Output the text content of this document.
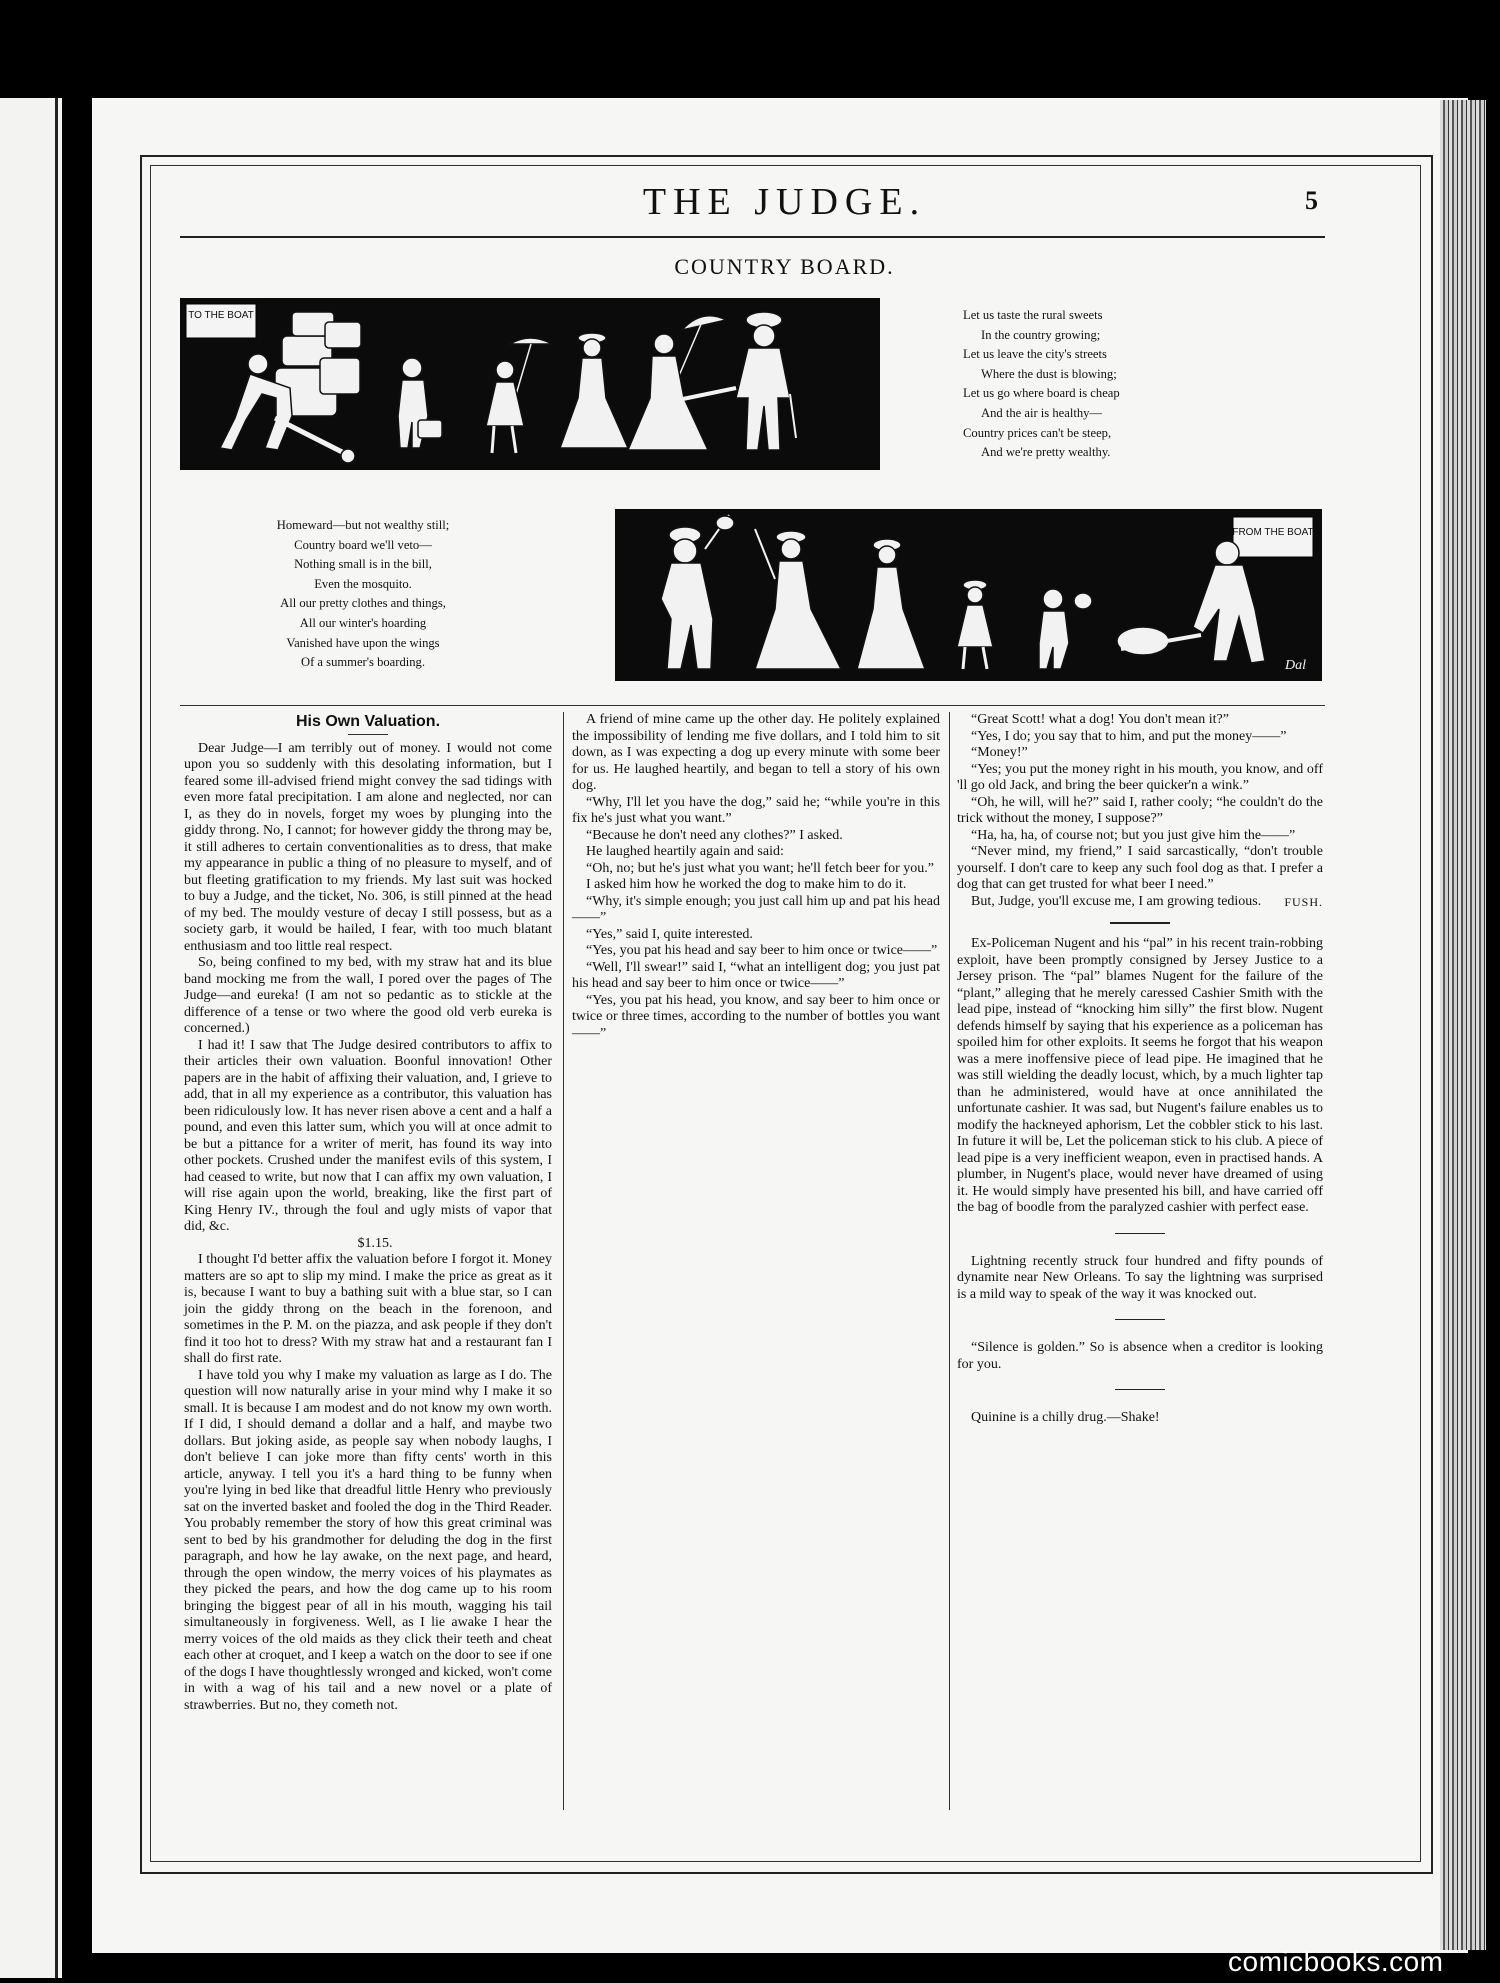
THE JUDGE.	5
COUNTRY BOARD.
TO THE BOAT	Let us taste the rural sweets
In the country growing;
Let us leave the city's streets
Where the dust is blowing;
Let us go where board is cheap
And the air is healthy—
Country prices can't be steep,
And we're pretty wealthy.
Homeward—but not wealthy still;
Country board we'll veto—
Nothing small is in the bill,
Even the mosquito.
All our pretty clothes and things,
All our winter's hoarding
Vanished have upon the wings
Of a summer's boarding.
FROM THE BOAT
Dal
His Own Valuation.

Dear Judge—I am terribly out of money. I would not come upon you so suddenly with this desolating information, but I feared some ill-advised friend might convey the sad tidings with even more fatal precipitation. I am alone and neglected, nor can I, as they do in novels, forget my woes by plunging into the giddy throng. No, I cannot; for however giddy the throng may be, it still adheres to certain conventionalities as to dress, that make my appearance in public a thing of no pleasure to myself, and of but fleeting gratification to my friends. My last suit was hocked to buy a Judge, and the ticket, No. 306, is still pinned at the head of my bed. The mouldy vesture of decay I still possess, but as a society garb, it would be hailed, I fear, with too much blatant enthusiasm and too little real respect.

So, being confined to my bed, with my straw hat and its blue band mocking me from the wall, I pored over the pages of The Judge—and eureka! (I am not so pedantic as to stickle at the difference of a tense or two where the good old verb eureka is concerned.)

I had it! I saw that The Judge desired contributors to affix to their articles their own valuation. Boonful innovation! Other papers are in the habit of affixing their valuation, and, I grieve to add, that in all my experience as a contributor, this valuation has been ridiculously low. It has never risen above a cent and a half a pound, and even this latter sum, which you will at once admit to be but a pittance for a writer of merit, has found its way into other pockets. Crushed under the manifest evils of this system, I had ceased to write, but now that I can affix my own valuation, I will rise again upon the world, breaking, like the first part of King Henry IV., through the foul and ugly mists of vapor that did, &c.

$1.15.

I thought I'd better affix the valuation before I forgot it. Money matters are so apt to slip my mind. I make the price as great as it is, because I want to buy a bathing suit with a blue star, so I can join the giddy throng on the beach in the forenoon, and sometimes in the P. M. on the piazza, and ask people if they don't find it too hot to dress? With my straw hat and a restaurant fan I shall do first rate.

I have told you why I make my valuation as large as I do. The question will now naturally arise in your mind why I make it so small. It is because I am modest and do not know my own worth. If I did, I should demand a dollar and a half, and maybe two dollars. But joking aside, as people say when nobody laughs, I don't believe I can joke more than fifty cents' worth in this article, anyway. I tell you it's a hard thing to be funny when you're lying in bed like that dreadful little Henry who previously sat on the inverted basket and fooled the dog in the Third Reader. You probably remember the story of how this great criminal was sent to bed by his grandmother for deluding the dog in the first paragraph, and how he lay awake, on the next page, and heard, through the open window, the merry voices of his playmates as they picked the pears, and how the dog came up to his room bringing the biggest pear of all in his mouth, wagging his tail simultaneously in forgiveness. Well, as I lie awake I hear the merry voices of the old maids as they click their teeth and cheat each other at croquet, and I keep a watch on the door to see if one of the dogs I have thoughtlessly wronged and kicked, won't come in with a wag of his tail and a new novel or a plate of strawberries. But no, they cometh not.

A friend of mine came up the other day. He politely explained the impossibility of lending me five dollars, and I told him to sit down, as I was expecting a dog up every minute with some beer for us. He laughed heartily, and began to tell a story of his own dog.

“Why, I'll let you have the dog,” said he; “while you're in this fix he's just what you want.”

“Because he don't need any clothes?” I asked.

He laughed heartily again and said:

“Oh, no; but he's just what you want; he'll fetch beer for you.”

I asked him how he worked the dog to make him to do it.

“Why, it's simple enough; you just call him up and pat his head——”

“Yes,” said I, quite interested.

“Yes, you pat his head and say beer to him once or twice——”

“Well, I'll swear!” said I, “what an intelligent dog; you just pat his head and say beer to him once or twice——”

“Yes, you pat his head, you know, and say beer to him once or twice or three times, according to the number of bottles you want——”

“Great Scott! what a dog! You don't mean it?”

“Yes, I do; you say that to him, and put the money——”

“Money!”

“Yes; you put the money right in his mouth, you know, and off 'll go old Jack, and bring the beer quicker'n a wink.”

“Oh, he will, will he?” said I, rather cooly; “he couldn't do the trick without the money, I suppose?”

“Ha, ha, ha, of course not; but you just give him the——”

“Never mind, my friend,” I said sarcastically, “don't trouble yourself. I don't care to keep any such fool dog as that. I prefer a dog that can get trusted for what beer I need.”

But, Judge, you'll excuse me, I am growing tedious.	FUSH.

Ex-Policeman Nugent and his “pal” in his recent train-robbing exploit, have been promptly consigned by Jersey Justice to a Jersey prison. The “pal” blames Nugent for the failure of the “plant,” alleging that he merely caressed Cashier Smith with the lead pipe, instead of “knocking him silly” the first blow. Nugent defends himself by saying that his experience as a policeman has spoiled him for other exploits. It seems he forgot that his weapon was a mere inoffensive piece of lead pipe. He imagined that he was still wielding the deadly locust, which, by a much lighter tap than he administered, would have at once annihilated the unfortunate cashier. It was sad, but Nugent's failure enables us to modify the hackneyed aphorism, Let the cobbler stick to his last. In future it will be, Let the policeman stick to his club. A piece of lead pipe is a very inefficient weapon, even in practised hands. A plumber, in Nugent's place, would never have dreamed of using it. He would simply have presented his bill, and have carried off the bag of boodle from the paralyzed cashier with perfect ease.

Lightning recently struck four hundred and fifty pounds of dynamite near New Orleans. To say the lightning was surprised is a mild way to speak of the way it was knocked out.

“Silence is golden.” So is absence when a creditor is looking for you.

Quinine is a chilly drug.—Shake!

comicbooks.com
